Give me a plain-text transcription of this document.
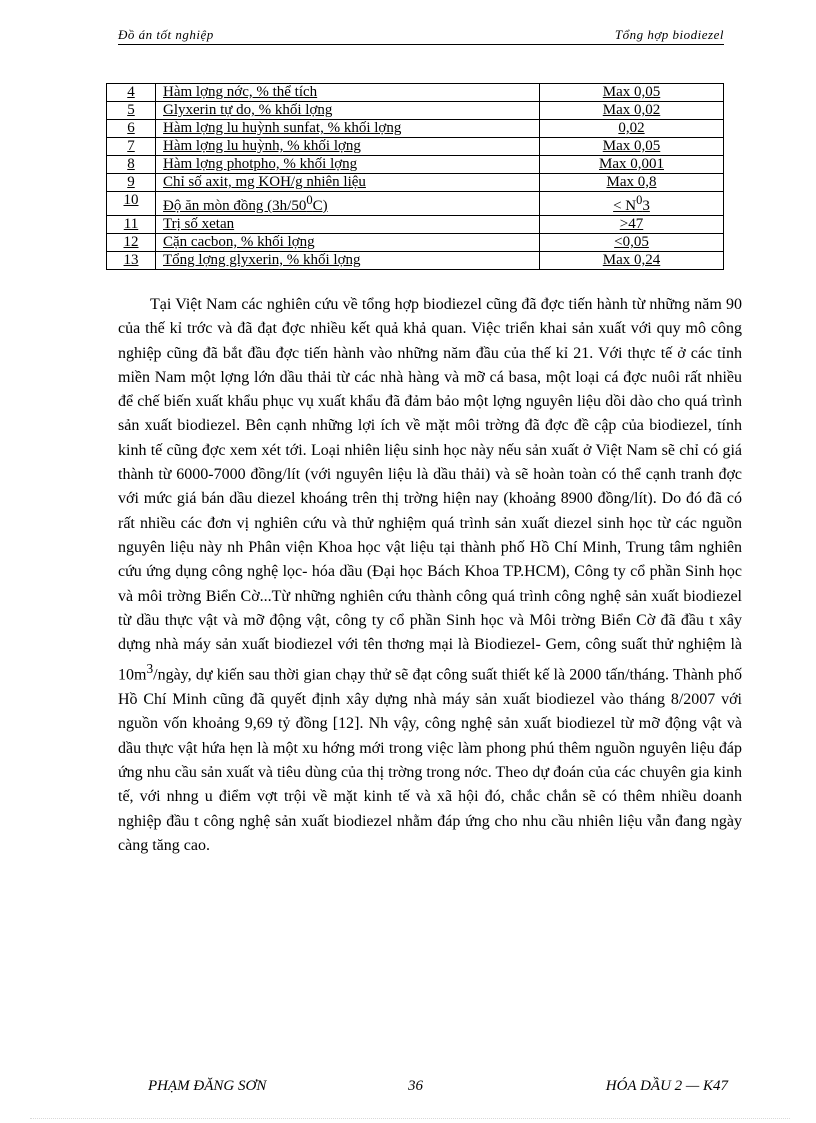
Đồ án tốt nghiệp	Tổng hợp biodiezel
4	Hàm lợng nớc, % thể tích	Max 0,05
5	Glyxerin tự do, % khối lợng	Max 0,02
6	Hàm lợng lu huỳnh sunfat, % khối lợng	0,02
7	Hàm lợng lu huỳnh, % khối lợng	Max 0,05
8	Hàm lợng photpho, % khối lợng	Max 0,001
9	Chỉ số axit, mg KOH/g nhiên liệu	Max 0,8
10	Độ ăn mòn đồng $(3h/50^0C)$	< $N^03$
11	Trị số xetan	>47
12	Cặn cacbon, % khối lợng	<0,05
13	Tổng lợng glyxerin, % khối lợng	Max 0,24

Tại Việt Nam các nghiên cứu về tổng hợp biodiezel cũng đã đợc tiến hành từ những năm 90 của thế kỉ trớc và đã đạt đợc nhiều kết quả khả quan. Việc triển khai sản xuất với quy mô công nghiệp cũng đã bắt đầu đợc tiến hành vào những năm đầu của thế kỉ 21. Với thực tế ở các tỉnh miền Nam một lợng lớn dầu thải từ các nhà hàng và mỡ cá basa, một loại cá đợc nuôi rất nhiều để chế biến xuất khẩu phục vụ xuất khẩu đã đảm bảo một lợng nguyên liệu dồi dào cho quá trình sản xuất biodiezel. Bên cạnh những lợi ích về mặt môi trờng đã đợc đề cập của biodiezel, tính kinh tế cũng đợc xem xét tới. Loại nhiên liệu sinh học này nếu sản xuất ở Việt Nam sẽ chỉ có giá thành từ 6000-7000 đồng/lít (với nguyên liệu là dầu thải) và sẽ hoàn toàn có thể cạnh tranh đợc với mức giá bán dầu diezel khoáng trên thị trờng hiện nay (khoảng 8900 đồng/lít). Do đó đã có rất nhiều các đơn vị nghiên cứu và thử nghiệm quá trình sản xuất diezel sinh học từ các nguồn nguyên liệu này nh Phân viện Khoa học vật liệu tại thành phố Hồ Chí Minh, Trung tâm nghiên cứu ứng dụng công nghệ lọc- hóa dầu (Đại học Bách Khoa TP.HCM), Công ty cổ phần Sinh học và môi trờng Biển Cờ...Từ những nghiên cứu thành công quá trình công nghệ sản xuất biodiezel từ dầu thực vật và mỡ động vật, công ty cổ phần Sinh học và Môi trờng Biển Cờ đã đầu t xây dựng nhà máy sản xuất biodiezel với tên thơng mại là Biodiezel- Gem, công suất thử nghiệm là $10m^3$/ngày, dự kiến sau thời gian chạy thử sẽ đạt công suất thiết kế là 2000 tấn/tháng. Thành phố Hồ Chí Minh cũng đã quyết định xây dựng nhà máy sản xuất biodiezel vào tháng 8/2007 với nguồn vốn khoảng 9,69 tỷ đồng [12]. Nh vậy, công nghệ sản xuất biodiezel từ mỡ động vật và dầu thực vật hứa hẹn là một xu hớng mới trong việc làm phong phú thêm nguồn nguyên liệu đáp ứng nhu cầu sản xuất và tiêu dùng của thị trờng trong nớc. Theo dự đoán của các chuyên gia kinh tế, với nhng u điểm vợt trội về mặt kinh tế và xã hội đó, chắc chắn sẽ có thêm nhiều doanh nghiệp đầu t công nghệ sản xuất biodiezel nhằm đáp ứng cho nhu cầu nhiên liệu vẫn đang ngày càng tăng cao.

PHẠM ĐĂNG SƠN	36	HÓA DẦU 2 — K47
